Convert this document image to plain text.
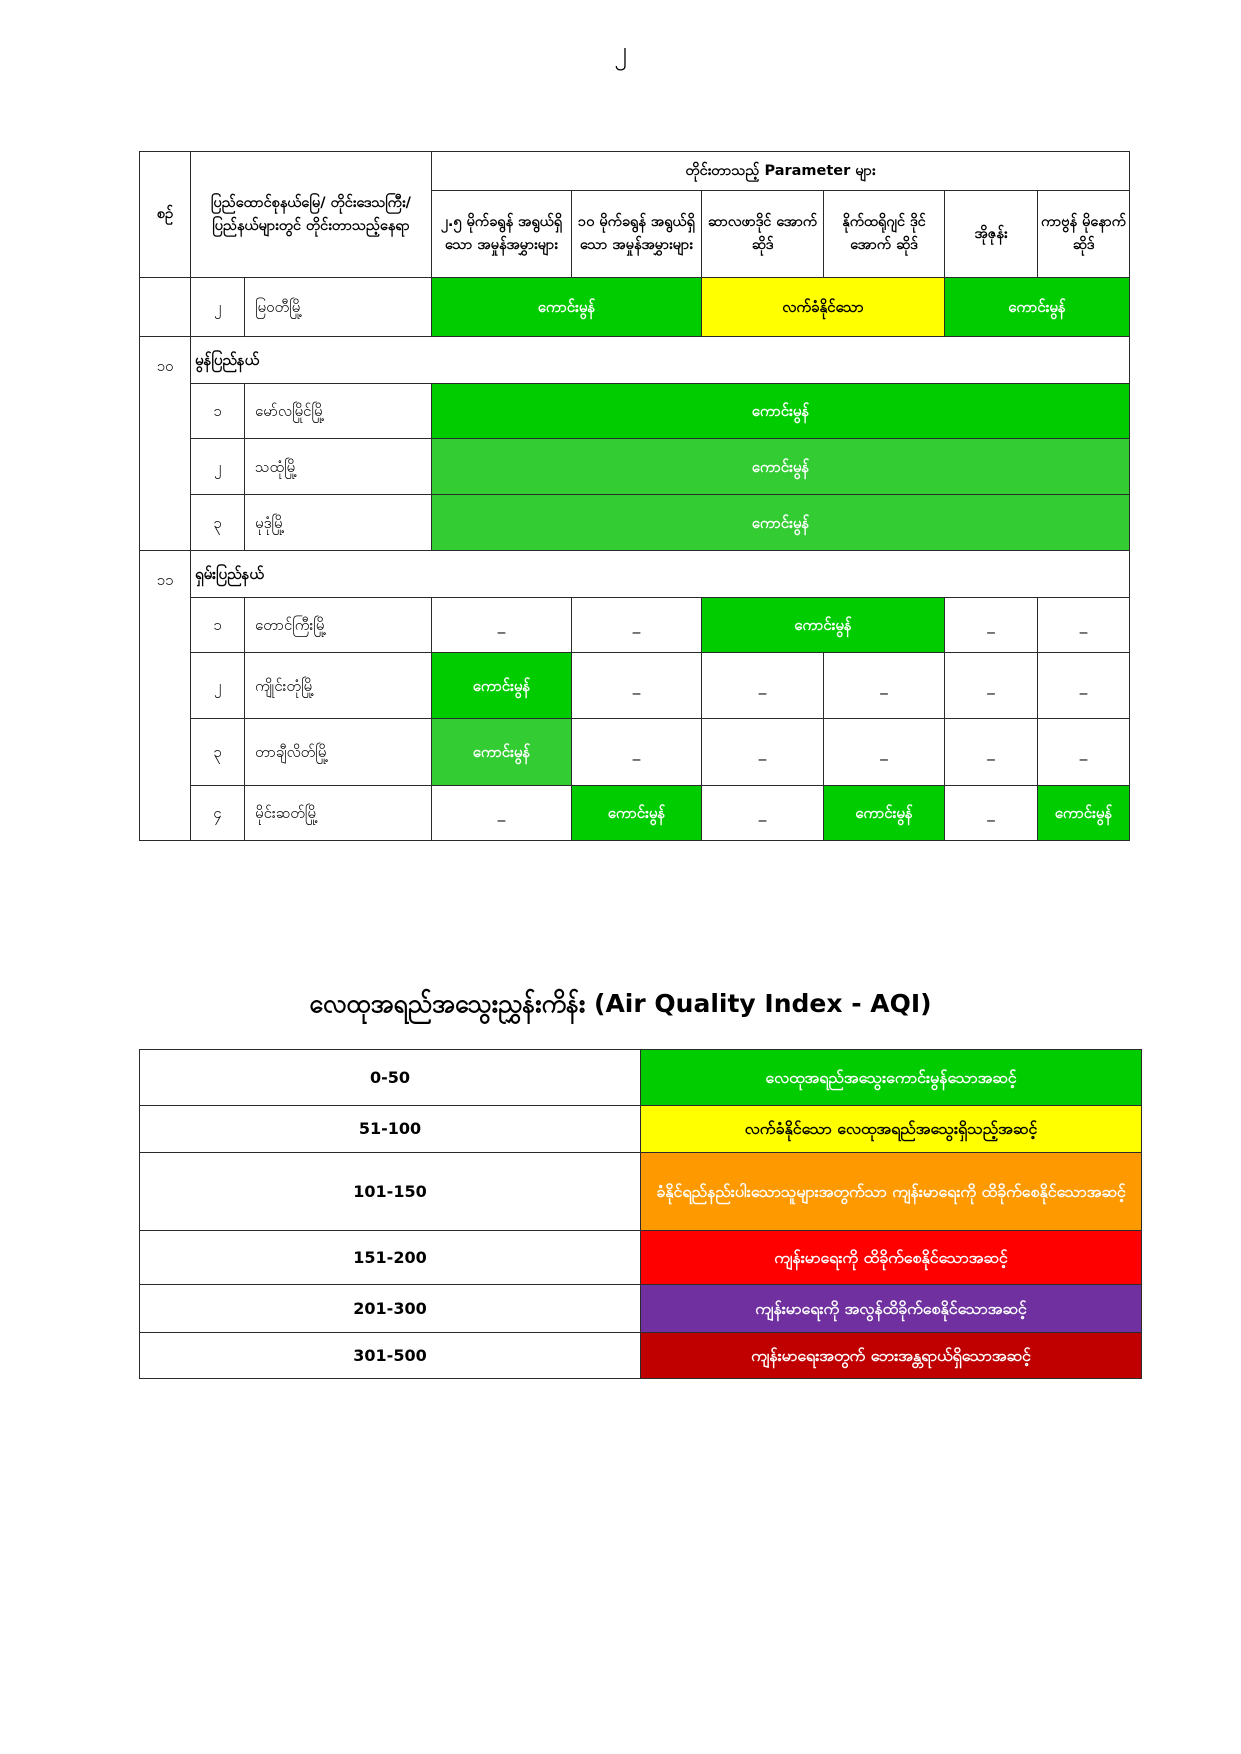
၂
စဉ်	ပြည်ထောင်စုနယ်မြေ/ တိုင်းဒေသကြီး/ ပြည်နယ်များတွင် တိုင်းတာသည့်နေရာ		တိုင်းတာသည့် Parameter များ					
			၂.၅ မိုက်ခရွန် အရွယ်ရှိသော အမှုန်အမွှားများ	၁၀ မိုက်ခရွန် အရွယ်ရှိသော အမှုန်အမွှားများ	ဆာလဖာဒိုင် အောက်ဆိုဒ်	နိုက်ထရိုဂျင် ဒိုင်အောက် ဆိုဒ်	အိုဇုန်း	ကာဗွန် မိုနောက် ဆိုဒ်
	၂	မြဝတီမြို့	ကောင်းမွန်		လက်ခံနိုင်သော		ကောင်းမွန်	
၁၀	မွန်ပြည်နယ်							
	၁	မော်လမြိုင်မြို့	ကောင်းမွန်					
	၂	သထုံမြို့	ကောင်းမွန်					
	၃	မုဒုံမြို့	ကောင်းမွန်					
၁၁	ရှမ်းပြည်နယ်							
	၁	တောင်ကြီးမြို့	_	_	ကောင်းမွန်		_	_
	၂	ကျိုင်းတုံမြို့	ကောင်းမွန်	_	_	_	_	_
	၃	တာချီလိတ်မြို့	ကောင်းမွန်	_	_	_	_	_
	၄	မိုင်းဆတ်မြို့	_	ကောင်းမွန်	_	ကောင်းမွန်	_	ကောင်းမွန်
လေထုအရည်အသွေးညွှန်းကိန်း (Air Quality Index - AQI)
0-50	လေထုအရည်အသွေးကောင်းမွန်သောအဆင့်
51-100	လက်ခံနိုင်သော လေထုအရည်အသွေးရှိသည့်အဆင့်
101-150	ခံနိုင်ရည်နည်းပါးသောသူများအတွက်သာ ကျန်းမာရေးကို ထိခိုက်စေနိုင်သောအဆင့်
151-200	ကျန်းမာရေးကို ထိခိုက်စေနိုင်သောအဆင့်
201-300	ကျန်းမာရေးကို အလွန်ထိခိုက်စေနိုင်သောအဆင့်
301-500	ကျန်းမာရေးအတွက် ဘေးအန္တရာယ်ရှိသောအဆင့်
